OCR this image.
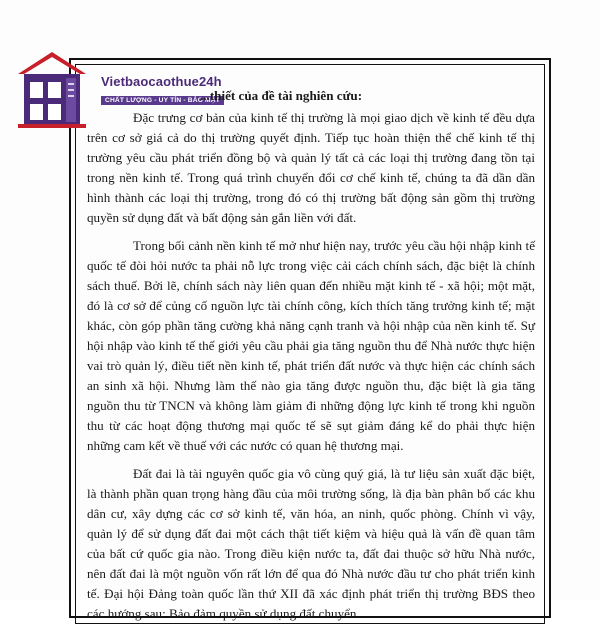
Vietbaocaothue24h
CHẤT LƯỢNG - UY TÍN - BẢO MẬT
...thiết của đề tài nghiên cứu:

Đặc trưng cơ bản của kinh tế thị trường là mọi giao dịch về kinh tế đều dựa trên cơ sở giá cả do thị trường quyết định. Tiếp tục hoàn thiện thể chế kinh tế thị trường yêu cầu phát triển đồng bộ và quản lý tất cả các loại thị trường đang tồn tại trong nền kinh tế. Trong quá trình chuyển đổi cơ chế kinh tế, chúng ta đã dần dần hình thành các loại thị trường, trong đó có thị trường bất động sản gồm thị trường quyền sử dụng đất và bất động sản gắn liền với đất.

Trong bối cảnh nền kinh tế mở như hiện nay, trước yêu cầu hội nhập kinh tế quốc tế đòi hỏi nước ta phải nỗ lực trong việc cải cách chính sách, đặc biệt là chính sách thuế. Bởi lẽ, chính sách này liên quan đến nhiều mặt kinh tế - xã hội; một mặt, đó là cơ sở để củng cố nguồn lực tài chính công, kích thích tăng trưởng kinh tế; mặt khác, còn góp phần tăng cường khả năng cạnh tranh và hội nhập của nền kinh tế. Sự hội nhập vào kinh tế thế giới yêu cầu phải gia tăng nguồn thu để Nhà nước thực hiện vai trò quản lý, điều tiết nền kinh tế, phát triển đất nước và thực hiện các chính sách an sinh xã hội. Nhưng làm thế nào gia tăng được nguồn thu, đặc biệt là gia tăng nguồn thu từ TNCN và không làm giảm đi những động lực kinh tế trong khi nguồn thu từ các hoạt động thương mại quốc tế sẽ sụt giảm đáng kể do phải thực hiện những cam kết về thuế với các nước có quan hệ thương mại.

Đất đai là tài nguyên quốc gia vô cùng quý giá, là tư liệu sản xuất đặc biệt, là thành phần quan trọng hàng đầu của môi trường sống, là địa bàn phân bố các khu dân cư, xây dựng các cơ sở kinh tế, văn hóa, an ninh, quốc phòng. Chính vì vậy, quản lý để sử dụng đất đai một cách thật tiết kiệm và hiệu quả là vấn đề quan tâm của bất cứ quốc gia nào. Trong điều kiện nước ta, đất đai thuộc sở hữu Nhà nước, nên đất đai là một nguồn vốn rất lớn để qua đó Nhà nước đầu tư cho phát triển kinh tế. Đại hội Đảng toàn quốc lần thứ XII đã xác định phát triển thị trường BĐS theo các hướng sau: Bảo đảm quyền sử dụng đất chuyển
